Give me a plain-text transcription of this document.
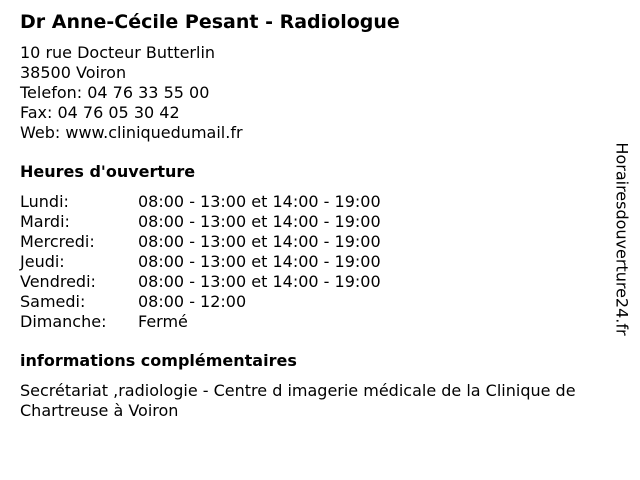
Dr Anne-Cécile Pesant - Radiologue
10 rue Docteur Butterlin
38500 Voiron
Telefon: 04 76 33 55 00
Fax: 04 76 05 30 42
Web: www.cliniquedumail.fr
Heures d'ouverture
Lundi:	08:00 - 13:00 et 14:00 - 19:00
Mardi:	08:00 - 13:00 et 14:00 - 19:00
Mercredi:	08:00 - 13:00 et 14:00 - 19:00
Jeudi:	08:00 - 13:00 et 14:00 - 19:00
Vendredi:	08:00 - 13:00 et 14:00 - 19:00
Samedi:	08:00 - 12:00
Dimanche:	Fermé
informations complémentaires
Secrétariat ,radiologie - Centre d imagerie médicale de la Clinique de Chartreuse à Voiron
Horairesdouverture24.fr
